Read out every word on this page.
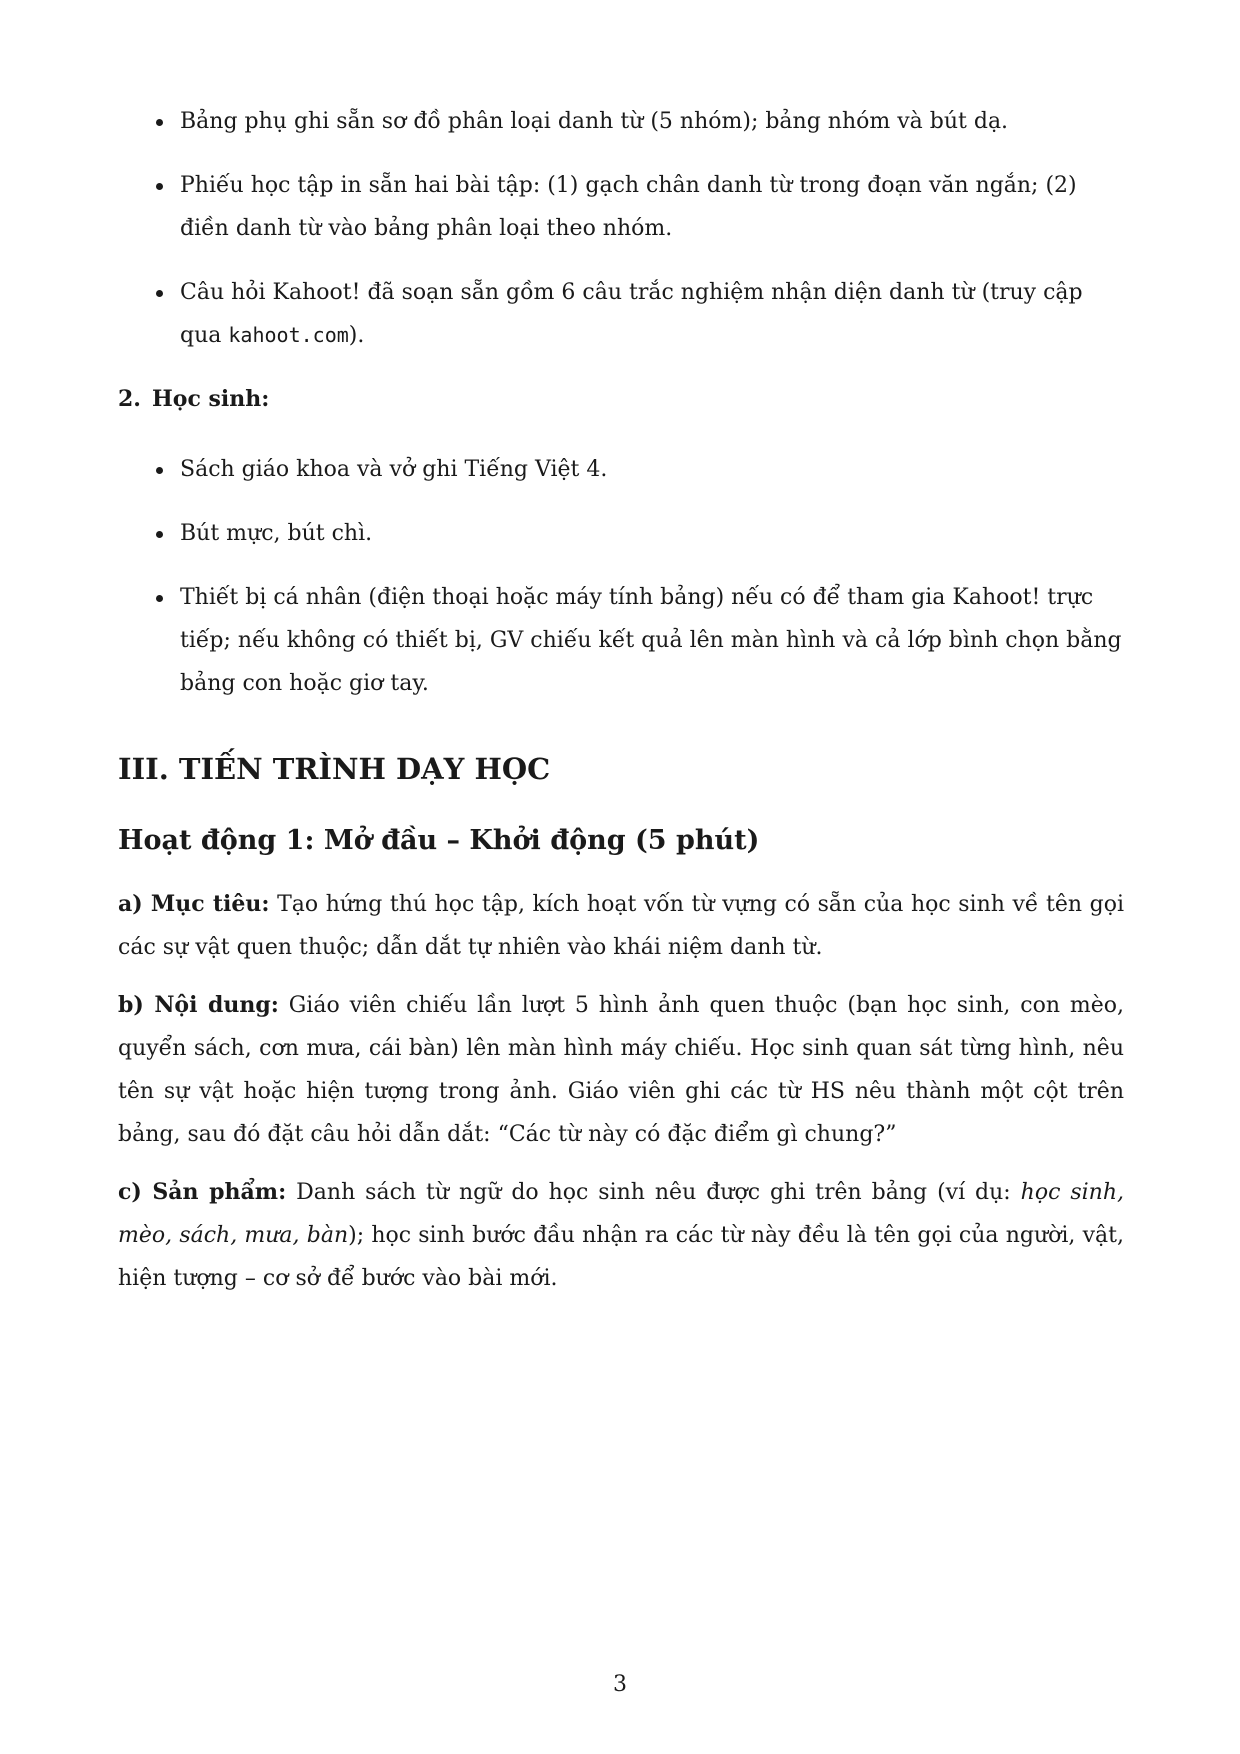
Bảng phụ ghi sẵn sơ đồ phân loại danh từ (5 nhóm); bảng nhóm và bút dạ.
Phiếu học tập in sẵn hai bài tập: (1) gạch chân danh từ trong đoạn văn ngắn; (2) điền danh từ vào bảng phân loại theo nhóm.
Câu hỏi Kahoot! đã soạn sẵn gồm 6 câu trắc nghiệm nhận diện danh từ (truy cập qua kahoot.com).
2. Học sinh:
Sách giáo khoa và vở ghi Tiếng Việt 4.
Bút mực, bút chì.
Thiết bị cá nhân (điện thoại hoặc máy tính bảng) nếu có để tham gia Kahoot! trực tiếp; nếu không có thiết bị, GV chiếu kết quả lên màn hình và cả lớp bình chọn bằng bảng con hoặc giơ tay.
III. TIẾN TRÌNH DẠY HỌC
Hoạt động 1: Mở đầu – Khởi động (5 phút)

a) Mục tiêu: Tạo hứng thú học tập, kích hoạt vốn từ vựng có sẵn của học sinh về tên gọi các sự vật quen thuộc; dẫn dắt tự nhiên vào khái niệm danh từ.

b) Nội dung: Giáo viên chiếu lần lượt 5 hình ảnh quen thuộc (bạn học sinh, con mèo, quyển sách, cơn mưa, cái bàn) lên màn hình máy chiếu. Học sinh quan sát từng hình, nêu tên sự vật hoặc hiện tượng trong ảnh. Giáo viên ghi các từ HS nêu thành một cột trên bảng, sau đó đặt câu hỏi dẫn dắt: “Các từ này có đặc điểm gì chung?”

c) Sản phẩm: Danh sách từ ngữ do học sinh nêu được ghi trên bảng (ví dụ: học sinh, mèo, sách, mưa, bàn); học sinh bước đầu nhận ra các từ này đều là tên gọi của người, vật, hiện tượng – cơ sở để bước vào bài mới.

3
